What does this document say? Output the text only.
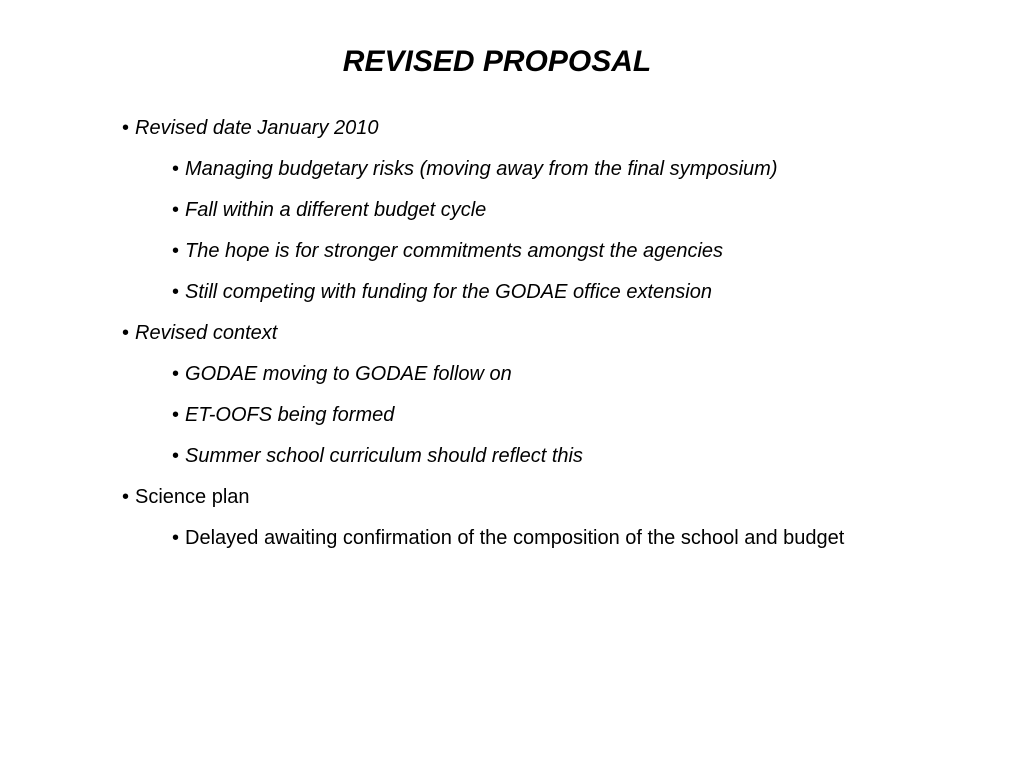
REVISED PROPOSAL
• Revised date January 2010
• Managing budgetary risks (moving away from the final symposium)
• Fall within a different budget cycle
• The hope is for stronger commitments amongst the agencies
• Still competing with funding for the GODAE office extension
• Revised context
• GODAE moving to GODAE follow on
• ET-OOFS being formed
• Summer school curriculum should reflect this
• Science plan
• Delayed awaiting confirmation of the composition of the school and budget
